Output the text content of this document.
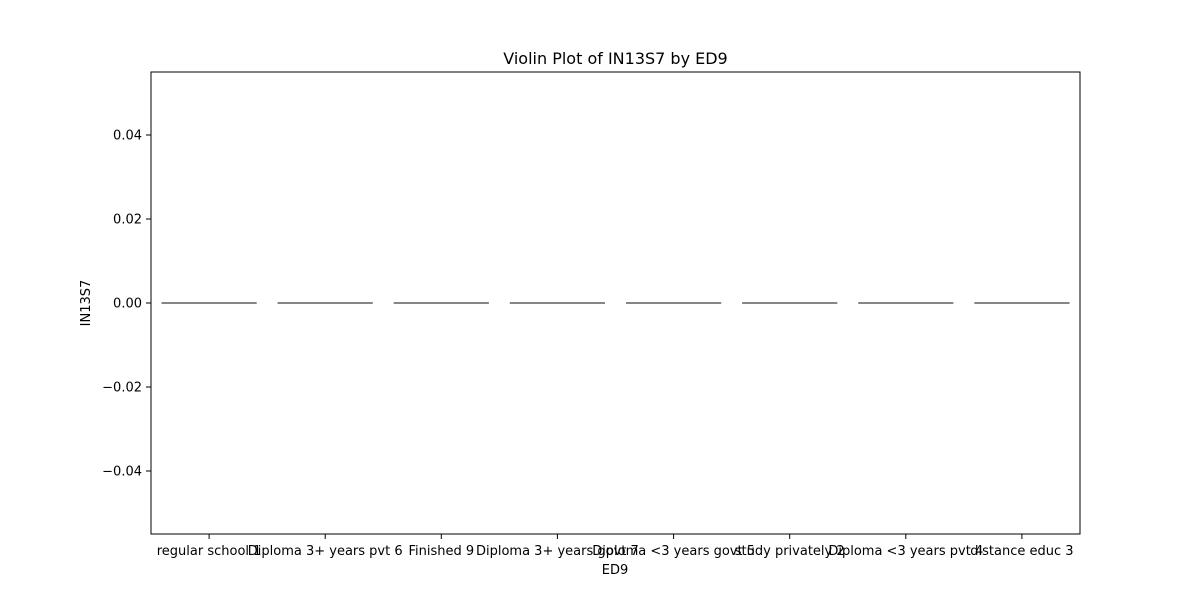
Violin Plot of IN13S7 by ED9
−0.04
−0.02
0.00
0.02
0.04
regular school 1
Diploma 3+ years pvt 6 Finished 9 Diploma 3+ years govt 7
Diploma <3 years govt 5
study privately 2
Diploma <3 years pvt 4
distance educ 3
ED9
IN13S7
